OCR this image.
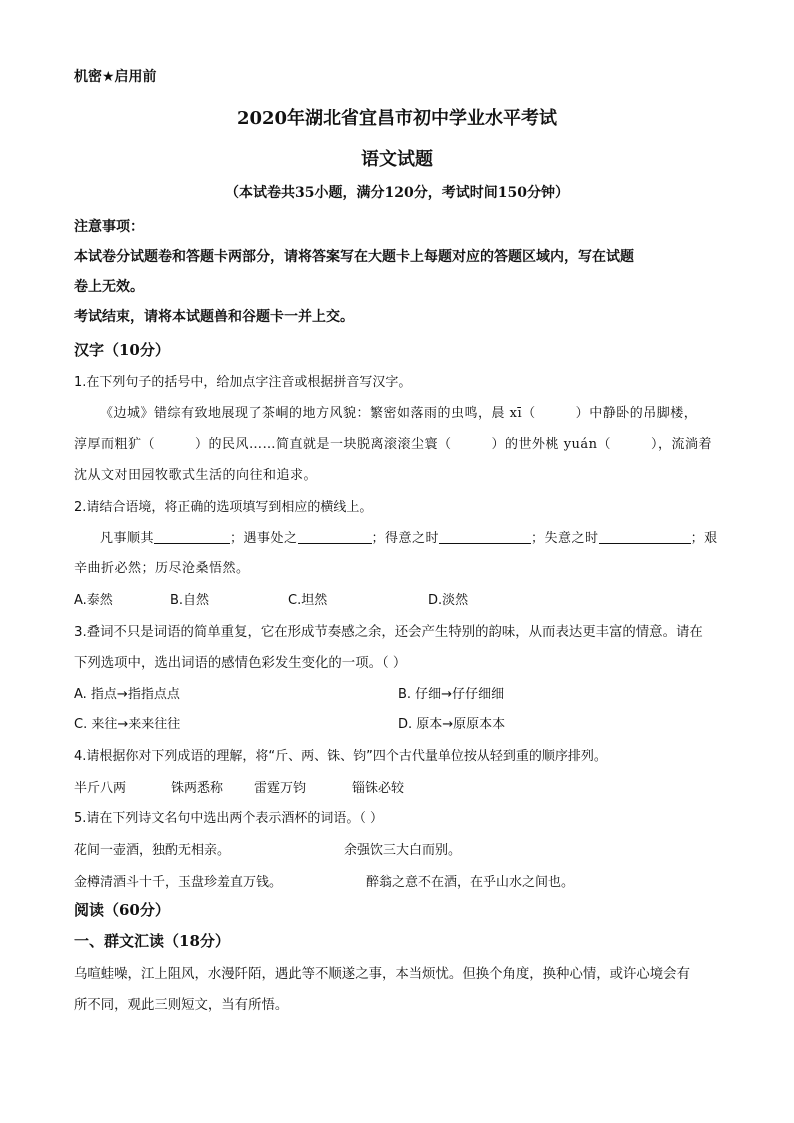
机密★启用前
2020年湖北省宜昌市初中学业水平考试
语文试题
（本试卷共35小题，满分120分，考试时间150分钟）
注意事项：
本试卷分试题卷和答题卡两部分，请将答案写在大题卡上每题对应的答题区域内，写在试题
卷上无效。
考试结束，请将本试题兽和谷题卡一并上交。
汉字（10分）
1.在下列句子的括号中，给加点字注音或根据拼音写汉字。
《边城》错综有致地展现了茶峒的地方风貌：繁密如落雨的虫鸣，晨 xī（	）中静卧的吊脚楼，
淳厚而粗犷（	）的民风……简直就是一块脱离滚滚尘寰（	）的世外桃 yuán（	），流淌着
沈从文对田园牧歌式生活的向往和追求。
2.请结合语境，将正确的选项填写到相应的横线上。
凡事顺其	；遇事处之	；得意之时	；失意之时	；艰
辛曲折必然；历尽沧桑悟然。
A.泰然	B.自然	C.坦然	D.淡然
3.叠词不只是词语的简单重复，它在形成节奏感之余，还会产生特别的韵味，从而表达更丰富的情意。请在
下列选项中，选出词语的感情色彩发生变化的一项。（ ）
A. 指点→指指点点	B. 仔细→仔仔细细
C. 来往→来来往往	D. 原本→原原本本
4.请根据你对下列成语的理解，将“斤、两、铢、钧”四个古代量单位按从轻到重的顺序排列。
半斤八两	铢两悉称 雷霆万钧	锱铢必较
5.请在下列诗文名句中选出两个表示酒杯的词语。（ ）
花间一壶酒，独酌无相亲。	余强饮三大白而别。
金樽清酒斗十千，玉盘珍羞直万钱。	醉翁之意不在酒，在乎山水之间也。
阅读（60分）
一、群文汇读（18分）
乌喧蛙噪，江上阻风，水漫阡陌，遇此等不顺遂之事，本当烦忧。但换个角度，换种心情，或许心境会有
所不同，观此三则短文，当有所悟。
